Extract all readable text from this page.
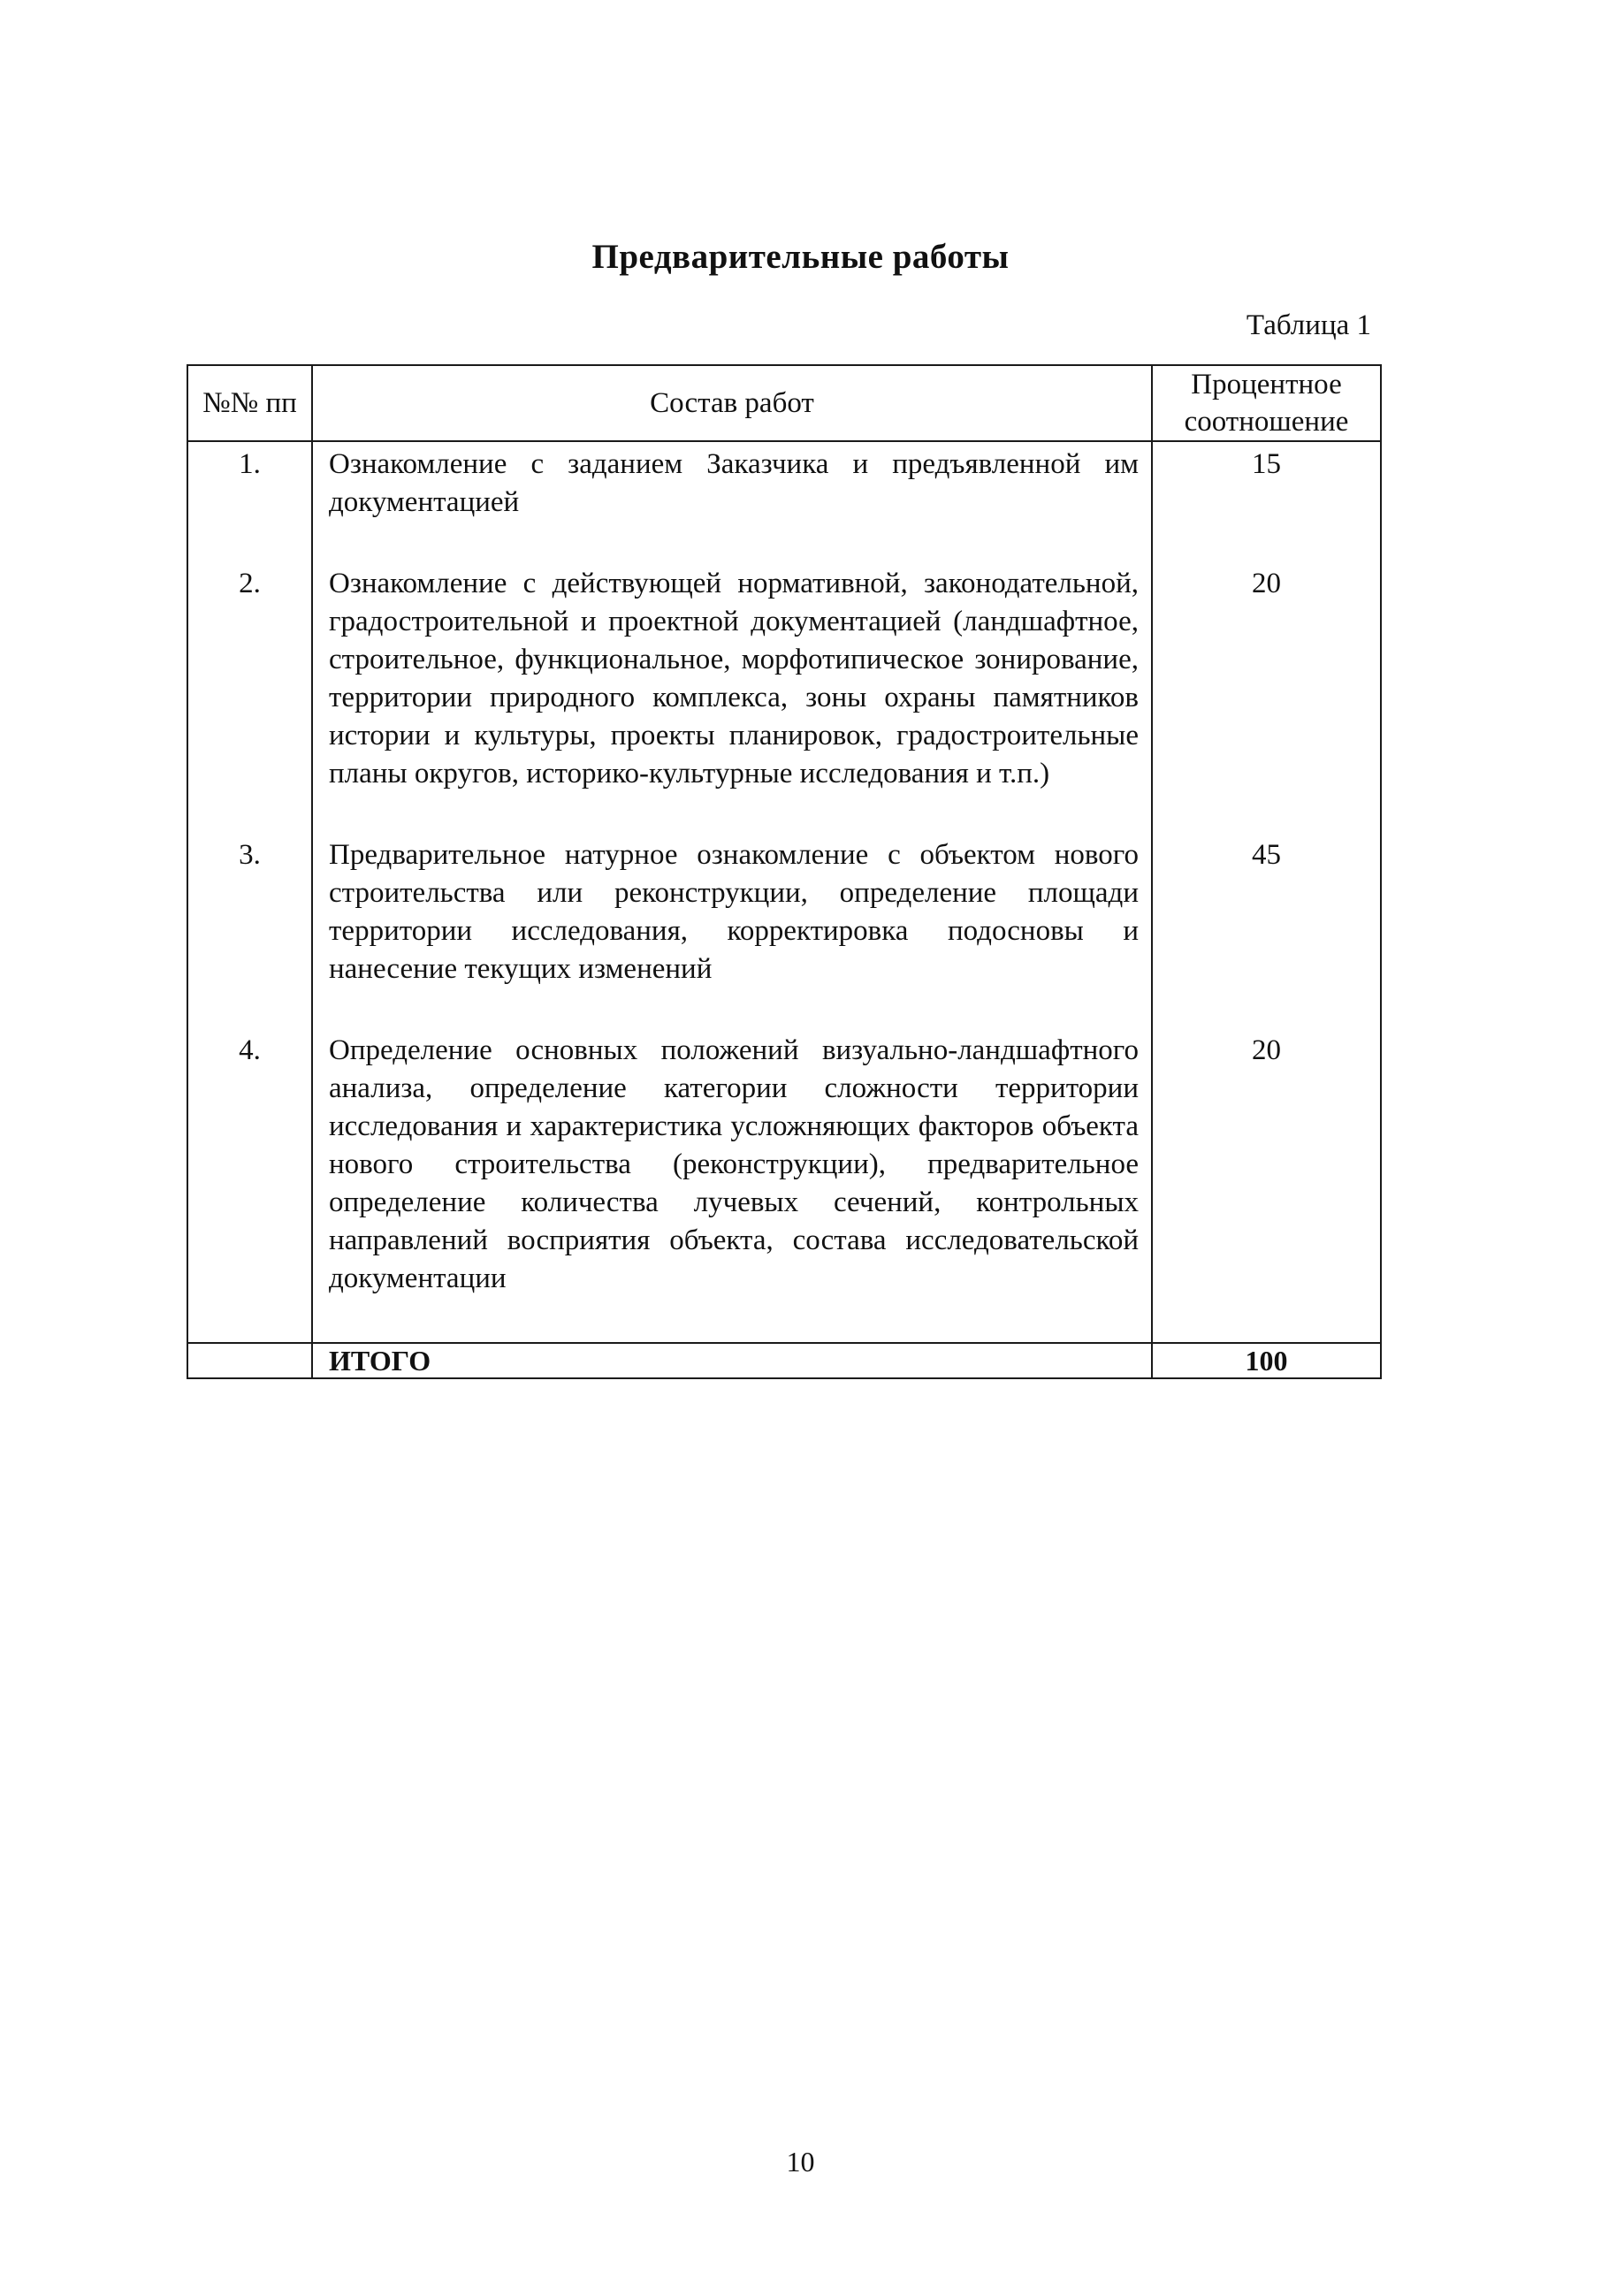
Предварительные работы
Таблица 1
№№ пп	Состав работ	Процентное соотношение
1.	Ознакомление с заданием Заказчика и предъявленной им документацией	15
2.	Ознакомление с действующей нормативной, законодательной, градостроительной и проектной документацией (ландшафтное, строительное, функциональное, морфотипическое зонирование, территории природного комплекса, зоны охраны памятников истории и культуры, проекты планировок, градостроительные планы округов, историко-культурные исследования и т.п.)	20
3.	Предварительное натурное ознакомление с объектом нового строительства или реконструкции, определение площади территории исследования, корректировка подосновы и нанесение текущих изменений	45
4.	Определение основных положений визуально-ландшафтного анализа, определение категории сложности территории исследования и характеристика усложняющих факторов объекта нового строительства (реконструкции), предварительное определение количества лучевых сечений, контрольных направлений восприятия объекта, состава исследовательской документации	20
	ИТОГО	100
10
